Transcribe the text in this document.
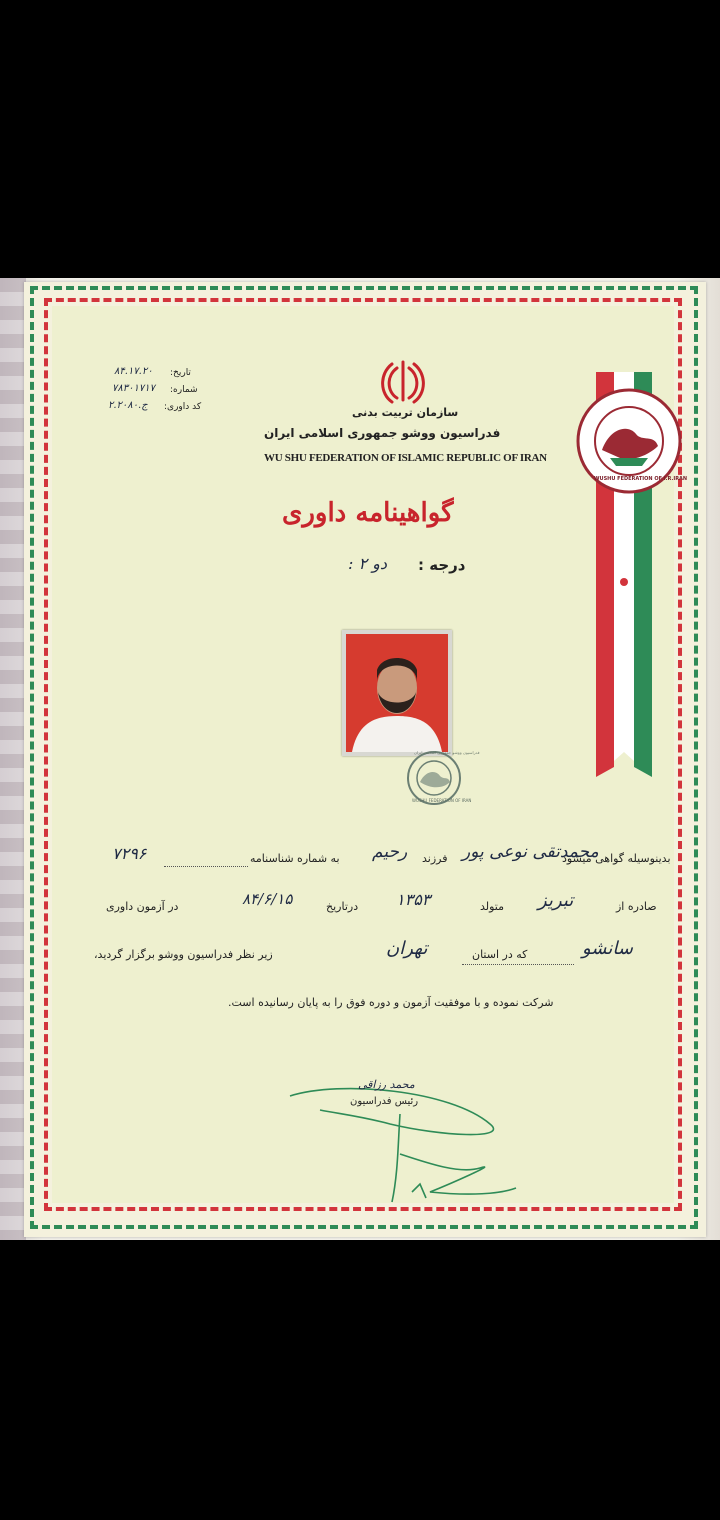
سازمان تربیت بدنی
فدراسیون ووشو جمهوری اسلامی ایران
WU SHU FEDERATION OF ISLAMIC REPUBLIC OF IRAN
تاریخ:
۸۴.۱۷.۲۰
شماره:
۷۸۳۰۱۷۱۷
کد داوری:
ج.۲.۲۰۸۰
WUSHU FEDERATION OF I.R.IRAN
گواهینامه داوری
درجه :
دو ۲ :
فدراسیون ووشو جمهوری اسلامی ایران
WUSHU FEDERATION OF IRAN
بدینوسیله گواهی میشود
محمدتقی نوعی پور
فرزند
رحیم
به شماره شناسنامه
۷۲۹۶
صادره از
تبریز
متولد
۱۳۵۳
درتاریخ
۸۴/۶/۱۵
در آزمون داوری
سانشو
که در استان
تهران
زیر نظر فدراسیون ووشو برگزار گردید،
شرکت نموده و با موفقیت آزمون و دوره فوق را به پایان رسانیده است.
محمد رزاقی
رئیس فدراسیون
